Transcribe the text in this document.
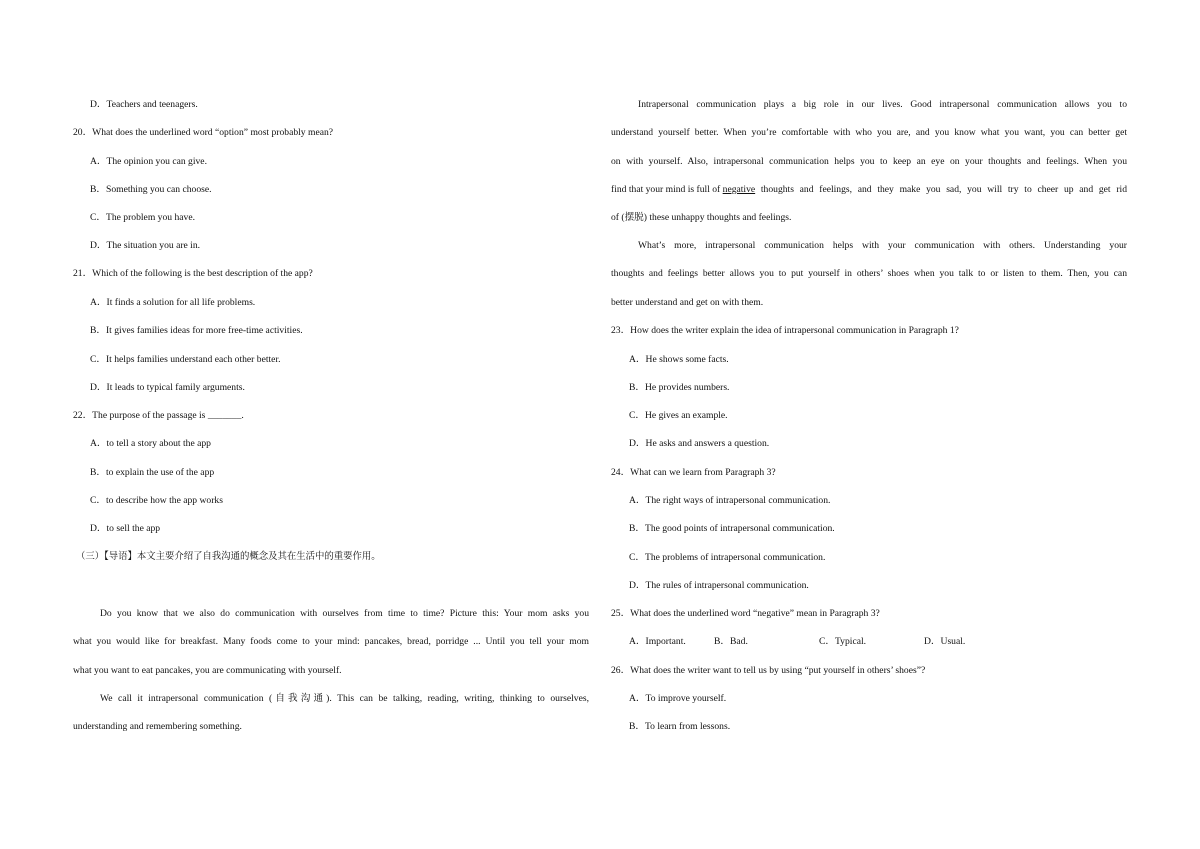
D．Teachers and teenagers.
20．What does the underlined word “option” most probably mean?
A．The opinion you can give.
B．Something you can choose.
C．The problem you have.
D．The situation you are in.
21．Which of the following is the best description of the app?
A．It finds a solution for all life problems.
B．It gives families ideas for more free-time activities.
C．It helps families understand each other better.
D．It leads to typical family arguments.
22．The purpose of the passage is _______.
A．to tell a story about the app
B．to explain the use of the app
C．to describe how the app works
D．to sell the app
（三）【导语】本文主要介绍了自我沟通的概念及其在生活中的重要作用。
Do you know that we also do communication with ourselves from time to time? Picture this: Your mom asks you
what you would like for breakfast. Many foods come to your mind: pancakes, bread, porridge ... Until you tell your mom
what you want to eat pancakes, you are communicating with yourself.
We call it intrapersonal communication (自我沟通). This can be talking, reading, writing, thinking to ourselves,
understanding and remembering something.
Intrapersonal communication plays a big role in our lives. Good intrapersonal communication allows you to
understand yourself better. When you’re comfortable with who you are, and you know what you want, you can better get
on with yourself. Also, intrapersonal communication helps you to keep an eye on your thoughts and feelings. When you
find that your mind is full of negative thoughts and feelings, and they make you sad, you will try to cheer up and get rid
of (摆脱) these unhappy thoughts and feelings.
What’s more, intrapersonal communication helps with your communication with others. Understanding your
thoughts and feelings better allows you to put yourself in others’ shoes when you talk to or listen to them. Then, you can
better understand and get on with them.
23．How does the writer explain the idea of intrapersonal communication in Paragraph 1?
A．He shows some facts.
B．He provides numbers.
C．He gives an example.
D．He asks and answers a question.
24．What can we learn from Paragraph 3?
A．The right ways of intrapersonal communication.
B．The good points of intrapersonal communication.
C．The problems of intrapersonal communication.
D．The rules of intrapersonal communication.
25．What does the underlined word “negative” mean in Paragraph 3?
A．Important.	B．Bad.	C．Typical.	D．Usual.
26．What does the writer want to tell us by using “put yourself in others’ shoes”?
A．To improve yourself.
B．To learn from lessons.
